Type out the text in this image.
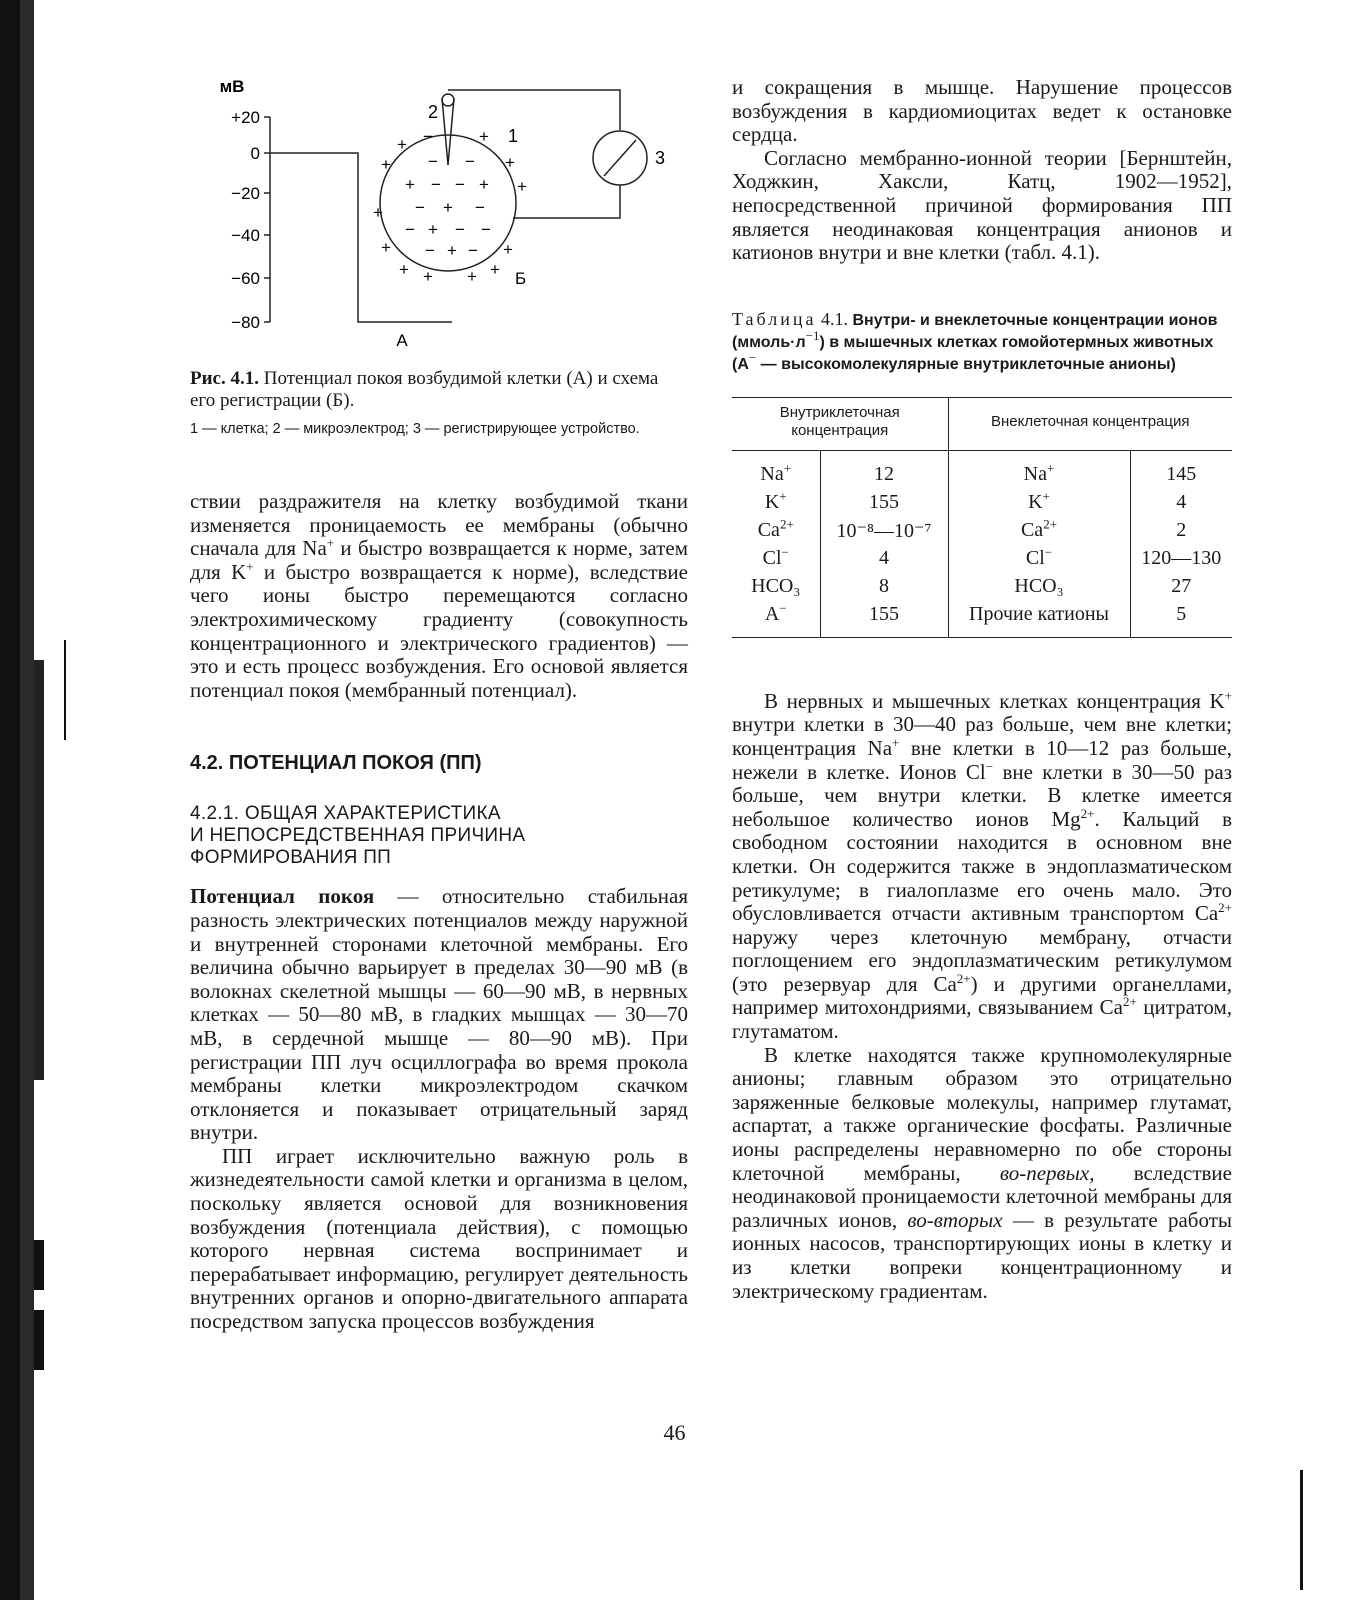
мВ
+20
0
−20
−40
−60
−80
А
2
1
3
Б
−
− −
+ − − +
− + −
− + − −
− + −
+	+
+	+
+
+
+	+
+ + + +

Рис. 4.1. Потенциал покоя возбудимой клетки (А) и схема его регистрации (Б).

1 — клетка; 2 — микроэлектрод; 3 — регистрирующее устройство.

ствии раздражителя на клетку возбудимой ткани изменяется проницаемость ее мембраны (обычно сначала для Na+ и быстро возвращается к норме, затем для K+ и быстро возвращается к норме), вследствие чего ионы быстро перемещаются согласно электрохимическому градиенту (совокупность концентрационного и электрического градиентов) — это и есть процесс возбуждения. Его основой является потенциал покоя (мембранный потенциал).

4.2. ПОТЕНЦИАЛ ПОКОЯ (ПП)

4.2.1. ОБЩАЯ ХАРАКТЕРИСТИКА

И НЕПОСРЕДСТВЕННАЯ ПРИЧИНА

ФОРМИРОВАНИЯ ПП

Потенциал покоя — относительно стабильная разность электрических потенциалов между наружной и внутренней сторонами клеточной мембраны. Его величина обычно варьирует в пределах 30—90 мВ (в волокнах скелетной мышцы — 60—90 мВ, в нервных клетках — 50—80 мВ, в гладких мышцах — 30—70 мВ, в сердечной мышце — 80—90 мВ). При регистрации ПП луч осциллографа во время прокола мембраны клетки микроэлектродом скачком отклоняется и показывает отрицательный заряд внутри.

ПП играет исключительно важную роль в жизнедеятельности самой клетки и организма в целом, поскольку является основой для возникновения возбуждения (потенциала действия), с помощью которого нервная система воспринимает и перерабатывает информацию, регулирует деятельность внутренних органов и опорно-двигательного аппарата посредством запуска процессов возбуждения

и сокращения в мышце. Нарушение процессов возбуждения в кардиомиоцитах ведет к остановке сердца.

Согласно мембранно-ионной теории [Бернштейн, Ходжкин, Хаксли, Катц, 1902—1952], непосредственной причиной формирования ПП является неодинаковая концентрация анионов и катионов внутри и вне клетки (табл. 4.1).

Таблица 4.1. Внутри- и внеклеточные концентрации ионов $(ммоль\cdot л^{-1})$ в мышечных клетках гомойотермных животных (А− — высокомолекулярные внутриклеточные анионы)

Внутриклеточная концентрация		Внеклеточная концентрация	
Na+	12	Na+	145
K+	155	K+	4
$Ca^{2+}$	10⁻⁸—10⁻⁷	$Ca^{2+}$	2
Cl−	4	Cl−	120—130
HCO₃	8	HCO₃	27
A−	155	Прочие катионы	5

В нервных и мышечных клетках концентрация K+ внутри клетки в 30—40 раз больше, чем вне клетки; концентрация Na+ вне клетки в 10—12 раз больше, нежели в клетке. Ионов Cl− вне клетки в 30—50 раз больше, чем внутри клетки. В клетке имеется небольшое количество ионов $Mg^{2+}$. Кальций в свободном состоянии находится в основном вне клетки. Он содержится также в эндоплазматическом ретикулуме; в гиалоплазме его очень мало. Это обусловливается отчасти активным транспортом $Ca^{2+}$ наружу через клеточную мембрану, отчасти поглощением его эндоплазматическим ретикулумом (это резервуар для $Ca^{2+}$) и другими органеллами, например митохондриями, связыванием $Ca^{2+}$ цитратом, глутаматом.

В клетке находятся также крупномолекулярные анионы; главным образом это отрицательно заряженные белковые молекулы, например глутамат, аспартат, а также органические фосфаты. Различные ионы распределены неравномерно по обе стороны клеточной мембраны, во-первых, вследствие неодинаковой проницаемости клеточной мембраны для различных ионов, во-вторых — в результате работы ионных насосов, транспортирующих ионы в клетку и из клетки вопреки концентрационному и электрическому градиентам.

46
